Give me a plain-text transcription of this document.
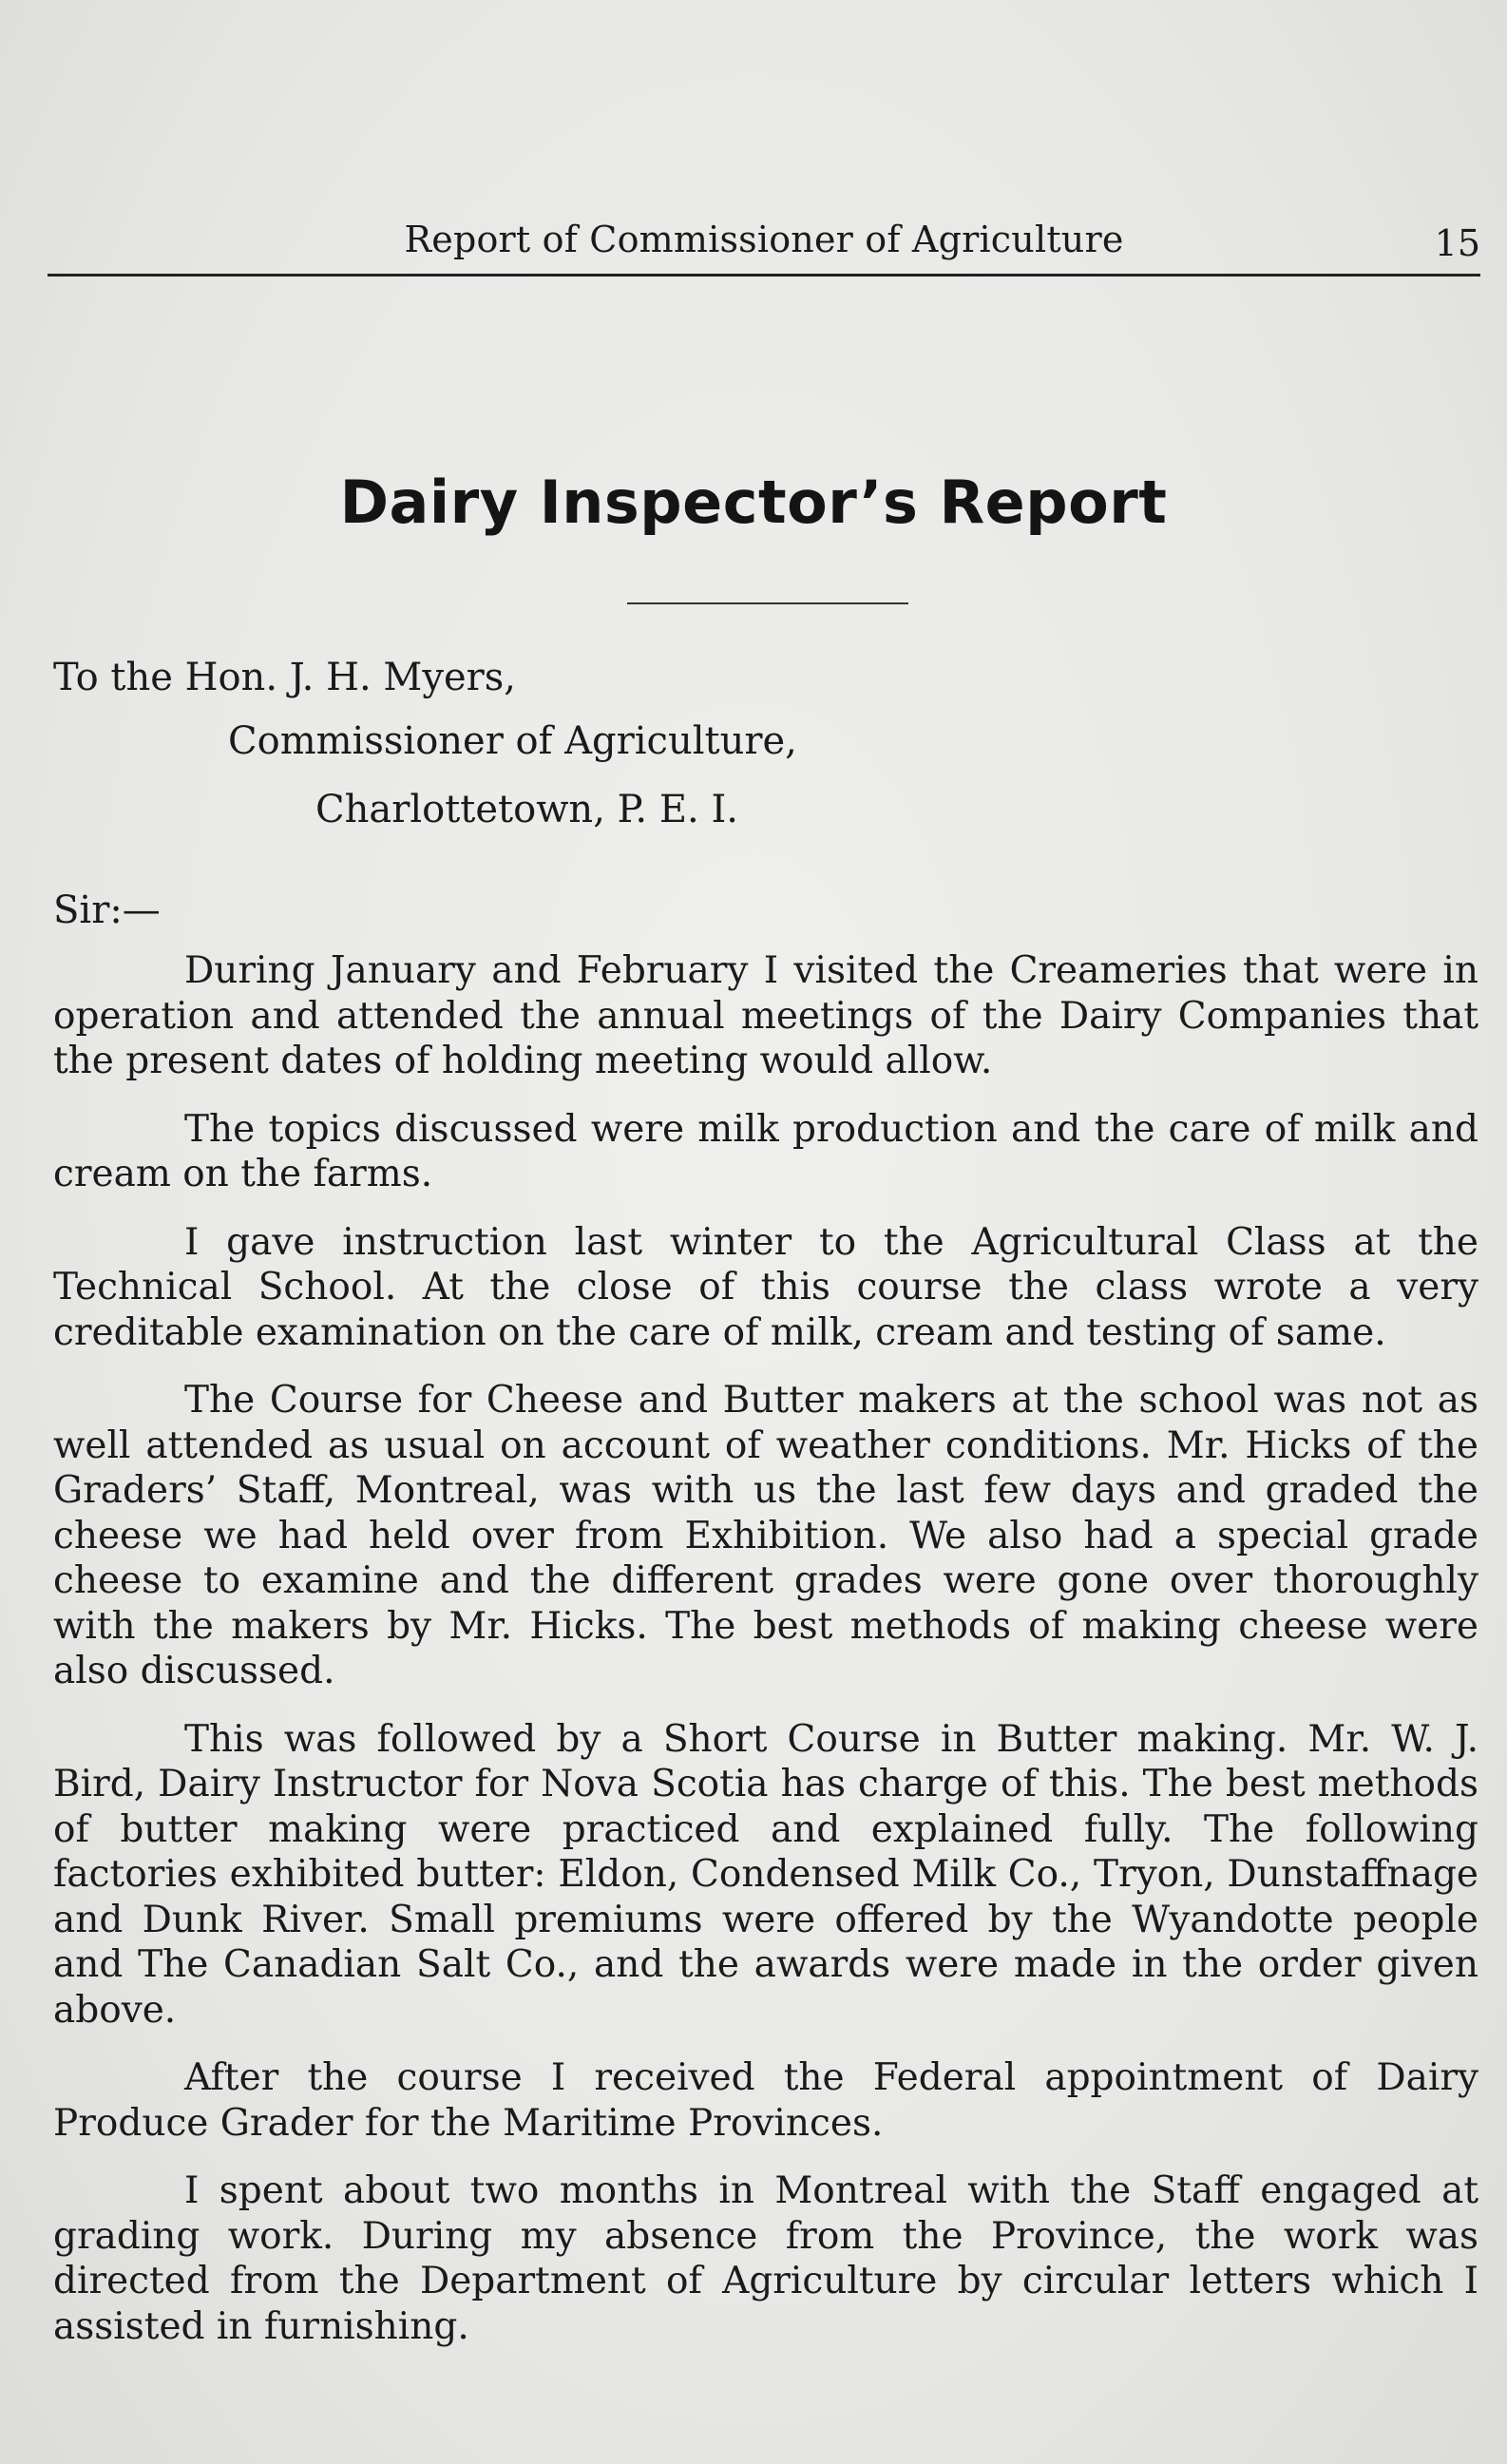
Report of Commissioner of Agriculture	15
Dairy Inspector’s Report
To the Hon. J. H. Myers,
Commissioner of Agriculture,
Charlottetown, P. E. I.
Sir:—

During January and February I visited the Creameries that were in operation and attended the annual meetings of the Dairy Companies that the present dates of holding meeting would allow.

The topics discussed were milk production and the care of milk and cream on the farms.

I gave instruction last winter to the Agricultural Class at the Technical School. At the close of this course the class wrote a very creditable examination on the care of milk, cream and testing of same.

The Course for Cheese and Butter makers at the school was not as well attended as usual on account of weather conditions. Mr. Hicks of the Graders’ Staff, Montreal, was with us the last few days and graded the cheese we had held over from Exhibition. We also had a special grade cheese to examine and the different grades were gone over thoroughly with the makers by Mr. Hicks. The best methods of making cheese were also discussed.

This was followed by a Short Course in Butter making. Mr. W. J. Bird, Dairy Instructor for Nova Scotia has charge of this. The best methods of butter making were practiced and explained fully. The following factories exhibited butter: Eldon, Condensed Milk Co., Tryon, Dunstaffnage and Dunk River. Small premiums were offered by the Wyandotte people and The Canadian Salt Co., and the awards were made in the order given above.

After the course I received the Federal appointment of Dairy Produce Grader for the Maritime Provinces.

I spent about two months in Montreal with the Staff engaged at grading work. During my absence from the Province, the work was directed from the Department of Agriculture by circular letters which I assisted in furnishing.
